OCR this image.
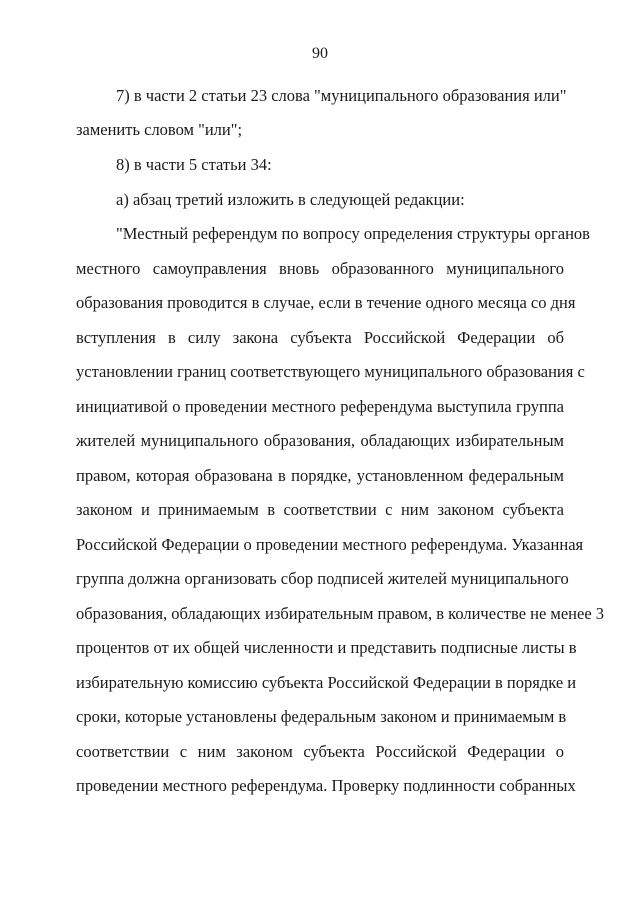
90
7) в части 2 статьи 23 слова "муниципального образования или"
заменить словом "или";
8) в части 5 статьи 34:
а) абзац третий изложить в следующей редакции:
"Местный референдум по вопросу определения структуры органов
местного самоуправления вновь образованного муниципального
образования проводится в случае, если в течение одного месяца со дня
вступления в силу закона субъекта Российской Федерации об
установлении границ соответствующего муниципального образования с
инициативой о проведении местного референдума выступила группа
жителей муниципального образования, обладающих избирательным
правом, которая образована в порядке, установленном федеральным
законом и принимаемым в соответствии с ним законом субъекта
Российской Федерации о проведении местного референдума. Указанная
группа должна организовать сбор подписей жителей муниципального
образования, обладающих избирательным правом, в количестве не менее 3
процентов от их общей численности и представить подписные листы в
избирательную комиссию субъекта Российской Федерации в порядке и
сроки, которые установлены федеральным законом и принимаемым в
соответствии с ним законом субъекта Российской Федерации о
проведении местного референдума. Проверку подлинности собранных
